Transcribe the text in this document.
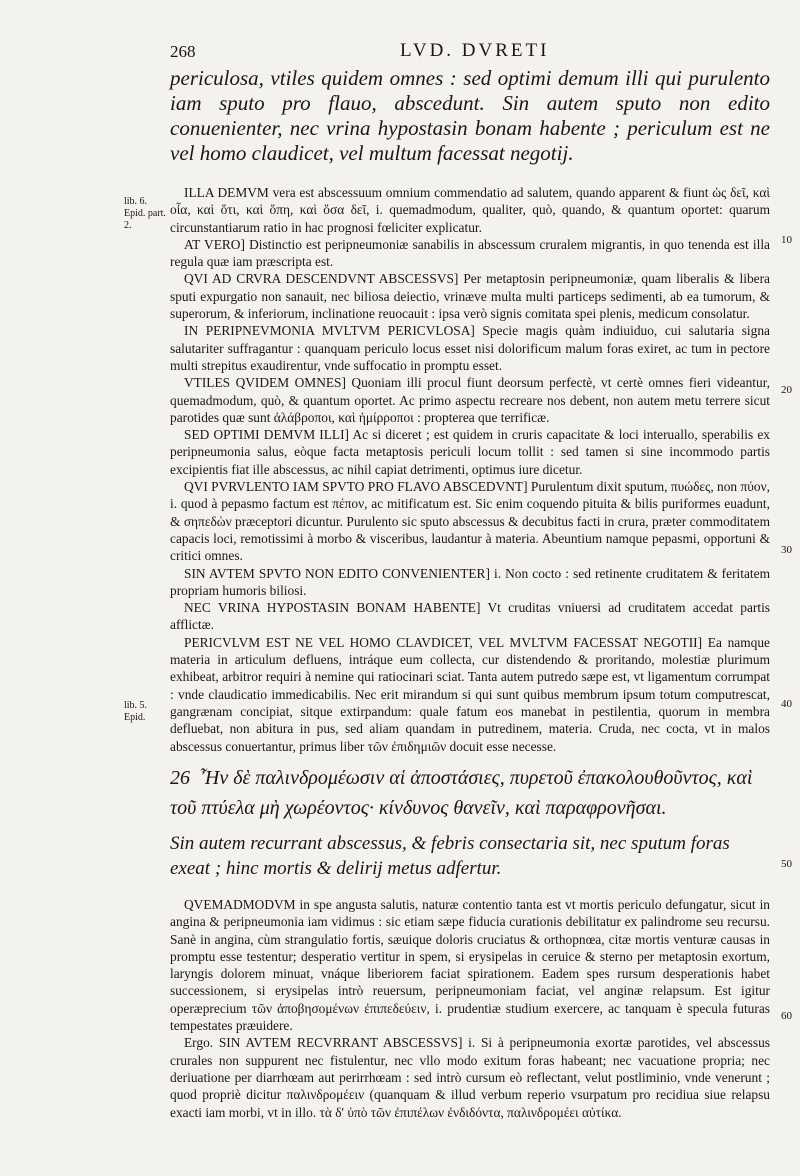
268	LVD. DVRETI
periculosa, vtiles quidem omnes : sed optimi demum illi qui purulento iam sputo pro flauo, abscedunt. Sin autem sputo non edito conuenienter, nec vrina hypostasin bonam habente ; periculum est ne vel homo claudicet, vel multum facessat negotij.

ILLA DEMVM vera est abscessuum omnium commendatio ad salutem, quando apparent & fiunt ὡς δεῖ, καὶ οἷα, καὶ ὅτι, καὶ ὅπη, καὶ ὅσα δεῖ, i. quemadmodum, qualiter, quò, quando, & quantum oportet: quarum circunstantiarum ratio in hac prognosi fœliciter explicatur.

AT VERO] Distinctio est peripneumoniæ sanabilis in abscessum cruralem migrantis, in quo tenenda est illa regula quæ iam præscripta est.

QVI AD CRVRA DESCENDVNT ABSCESSVS] Per metaptosin peripneumoniæ, quam liberalis & libera sputi expurgatio non sanauit, nec biliosa deiectio, vrinæve multa multi particeps sedimenti, ab ea tumorum, & superorum, & inferiorum, inclinatione reuocauit : ipsa verò signis comitata spei plenis, medicum consolatur.

IN PERIPNEVMONIA MVLTVM PERICVLOSA] Specie magis quàm indiuiduo, cui salutaria signa salutariter suffragantur : quanquam periculo locus esset nisi dolorificum malum foras exiret, ac tum in pectore multi strepitus exaudirentur, vnde suffocatio in promptu esset.

VTILES QVIDEM OMNES] Quoniam illi procul fiunt deorsum perfectè, vt certè omnes fieri videantur, quemadmodum, quò, & quantum oportet. Ac primo aspectu recreare nos debent, non autem metu terrere sicut parotides quæ sunt ἀλάβροποι, καὶ ἠμίρροποι : propterea que terrificæ.

SED OPTIMI DEMVM ILLI] Ac si diceret ; est quidem in cruris capacitate & loci interuallo, sperabilis ex peripneumonia salus, eòque facta metaptosis periculi locum tollit : sed tamen si sine incommodo partis excipientis fiat ille abscessus, ac nihil capiat detrimenti, optimus iure dicetur.

QVI PVRVLENTO IAM SPVTO PRO FLAVO ABSCEDVNT] Purulentum dixit sputum, πυώδες, non πύον, i. quod à pepasmo factum est πέπον, ac mitificatum est. Sic enim coquendo pituita & bilis puriformes euadunt, & σηπεδὼν præceptori dicuntur. Purulento sic sputo abscessus & decubitus facti in crura, præter commoditatem capacis loci, remotissimi à morbo & visceribus, laudantur à materia. Abeuntium namque pepasmi, opportuni & critici omnes.

SIN AVTEM SPVTO NON EDITO CONVENIENTER] i. Non cocto : sed retinente cruditatem & feritatem propriam humoris biliosi.

NEC VRINA HYPOSTASIN BONAM HABENTE] Vt cruditas vniuersi ad cruditatem accedat partis afflictæ.

PERICVLVM EST NE VEL HOMO CLAVDICET, VEL MVLTVM FACESSAT NEGOTII] Ea namque materia in articulum defluens, intráque eum collecta, cur distendendo & proritando, molestiæ plurimum exhibeat, arbitror requiri à nemine qui ratiocinari sciat. Tanta autem putredo sæpe est, vt ligamentum corrumpat : vnde claudicatio immedicabilis. Nec erit mirandum si qui sunt quibus membrum ipsum totum computrescat, gangrænam concipiat, sitque extirpandum: quale fatum eos manebat in pestilentia, quorum in membra defluebat, non abitura in pus, sed aliam quandam in putredinem, materia. Cruda, nec cocta, vt in malos abscessus conuertantur, primus liber τῶν ἐπιδημιῶν docuit esse necesse.

26 Ἦν δὲ παλινδρομέωσιν αἱ ἀποστάσιες, πυρετοῦ ἐπακολουθοῦντος, καὶ τοῦ πτύελα μὴ χωρέοντος· κίνδυνος θανεῖν, καὶ παραφρονῆσαι.
Sin autem recurrant abscessus, & febris consectaria sit, nec sputum foras exeat ; hinc mortis & delirij metus adfertur.

QVEMADMODVM in spe angusta salutis, naturæ contentio tanta est vt mortis periculo defungatur, sicut in angina & peripneumonia iam vidimus : sic etiam sæpe fiducia curationis debilitatur ex palindrome seu recursu. Sanè in angina, cùm strangulatio fortis, sæuique doloris cruciatus & orthopnœa, citæ mortis venturæ causas in promptu esse testentur; desperatio vertitur in spem, si erysipelas in ceruice & sterno per metaptosin exortum, laryngis dolorem minuat, vnáque liberiorem faciat spirationem. Eadem spes rursum desperationis habet successionem, si erysipelas intrò reuersum, peripneumoniam faciat, vel anginæ relapsum. Est igitur operæprecium τῶν ἀποβησομένων ἐπιπεδεύειν, i. prudentiæ studium exercere, ac tanquam è specula futuras tempestates præuidere.

Ergo. SIN AVTEM RECVRRANT ABSCESSVS] i. Si à peripneumonia exortæ parotides, vel abscessus crurales non suppurent nec fistulentur, nec vllo modo exitum foras habeant; nec vacuatione propria; nec deriuatione per diarrhœam aut perirrhœam : sed intrò cursum eò reflectant, velut postliminio, vnde venerunt ; quod propriè dicitur παλινδρομέειν (quanquam & illud verbum reperio vsurpatum pro recidiua siue relapsu exacti iam morbi, vt in illo. τὰ δ' ὑπὸ τῶν ἐπιπέλων ἐνδιδόντα, παλινδρομέει αὐτίκα.

lib. 6. Epid. part. 2.
lib. 5. Epid.
10
20
30
40
50
60
